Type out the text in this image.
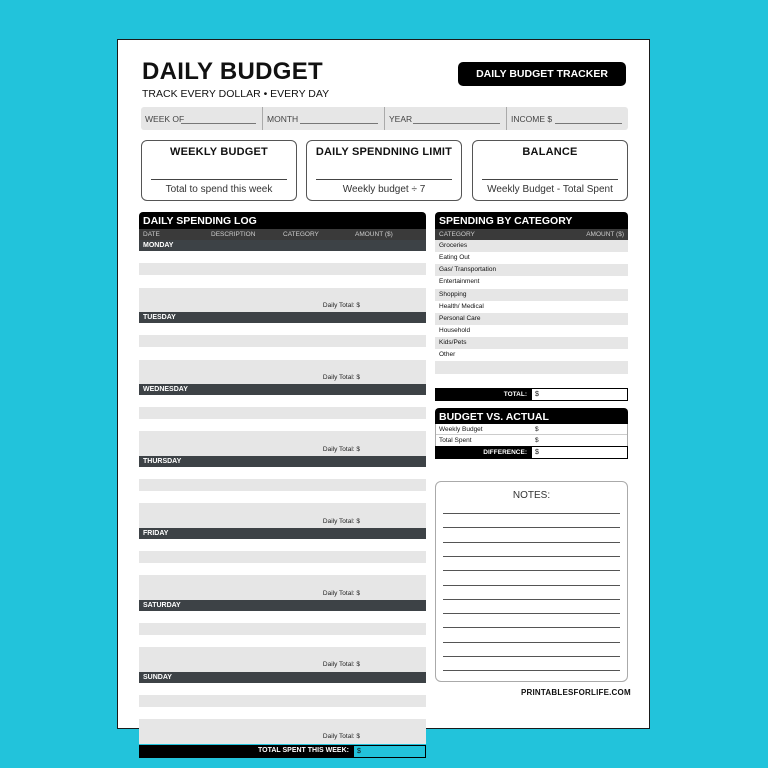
DAILY BUDGET
TRACK EVERY DOLLAR • EVERY DAY
DAILY BUDGET TRACKER
WEEK OF	MONTH	YEAR	INCOME $
WEEKLY BUDGET
Total to spend this week
DAILY SPENDNING LIMIT
Weekly budget ÷ 7
BALANCE
Weekly Budget - Total Spent
DAILY SPENDING LOG
DATE	DESCRIPTION	CATEGORY	AMOUNT ($)
MONDAY
Daily Total: $
TUESDAY
Daily Total: $
WEDNESDAY
Daily Total: $
THURSDAY
Daily Total: $
FRIDAY
Daily Total: $
SATURDAY
Daily Total: $
SUNDAY
Daily Total: $
TOTAL SPENT THIS WEEK:	$
SPENDING BY CATEGORY
CATEGORY	AMOUNT ($)
Groceries
Eating Out
Gas/ Transportation
Entertainment
Shopping
Health/ Medical
Personal Care
Household
Kids/Pets
Other
TOTAL:	$
BUDGET VS. ACTUAL
Weekly Budget	$
Total Spent	$
DIFFERENCE:	$
NOTES:
PRINTABLESFORLIFE.COM
